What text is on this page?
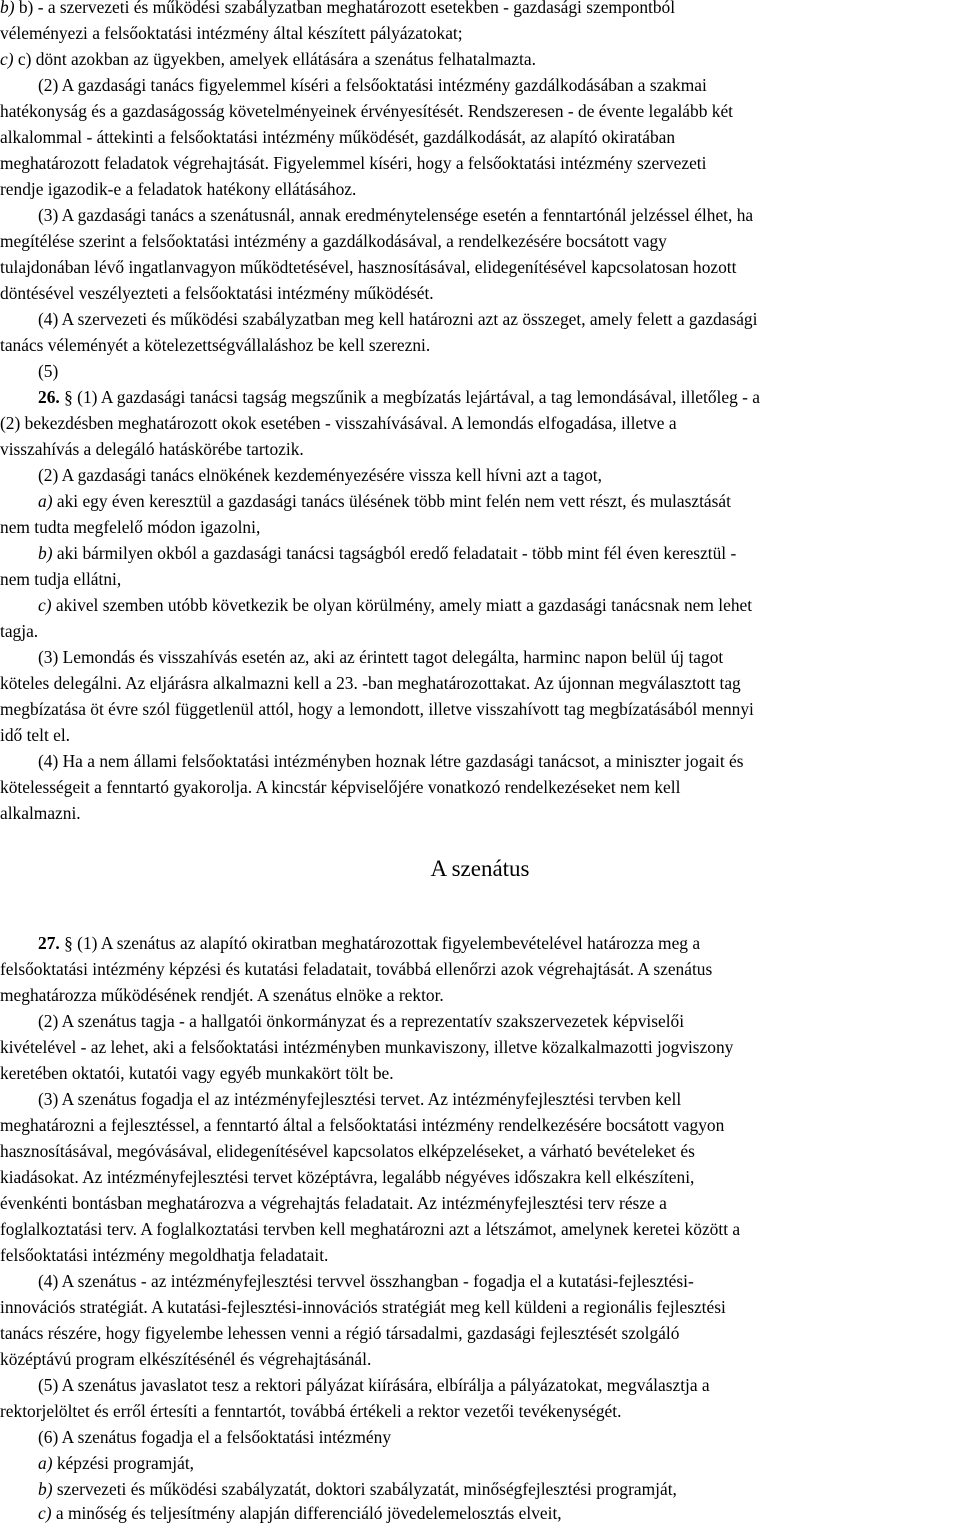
b) b) - a szervezeti és működési szabályzatban meghatározott esetekben - gazdasági szempontból
véleményezi a felsőoktatási intézmény által készített pályázatokat;
c) c) dönt azokban az ügyekben, amelyek ellátására a szenátus felhatalmazta.
(2) A gazdasági tanács figyelemmel kíséri a felsőoktatási intézmény gazdálkodásában a szakmai
hatékonyság és a gazdaságosság követelményeinek érvényesítését. Rendszeresen - de évente legalább két
alkalommal - áttekinti a felsőoktatási intézmény működését, gazdálkodását, az alapító okiratában
meghatározott feladatok végrehajtását. Figyelemmel kíséri, hogy a felsőoktatási intézmény szervezeti
rendje igazodik-e a feladatok hatékony ellátásához.
(3) A gazdasági tanács a szenátusnál, annak eredménytelensége esetén a fenntartónál jelzéssel élhet, ha
megítélése szerint a felsőoktatási intézmény a gazdálkodásával, a rendelkezésére bocsátott vagy
tulajdonában lévő ingatlanvagyon működtetésével, hasznosításával, elidegenítésével kapcsolatosan hozott
döntésével veszélyezteti a felsőoktatási intézmény működését.
(4) A szervezeti és működési szabályzatban meg kell határozni azt az összeget, amely felett a gazdasági
tanács véleményét a kötelezettségvállaláshoz be kell szerezni.
(5)
26. § (1) A gazdasági tanácsi tagság megszűnik a megbízatás lejártával, a tag lemondásával, illetőleg - a
(2) bekezdésben meghatározott okok esetében - visszahívásával. A lemondás elfogadása, illetve a
visszahívás a delegáló hatáskörébe tartozik.
(2) A gazdasági tanács elnökének kezdeményezésére vissza kell hívni azt a tagot,
a) aki egy éven keresztül a gazdasági tanács ülésének több mint felén nem vett részt, és mulasztását
nem tudta megfelelő módon igazolni,
b) aki bármilyen okból a gazdasági tanácsi tagságból eredő feladatait - több mint fél éven keresztül -
nem tudja ellátni,
c) akivel szemben utóbb következik be olyan körülmény, amely miatt a gazdasági tanácsnak nem lehet
tagja.
(3) Lemondás és visszahívás esetén az, aki az érintett tagot delegálta, harminc napon belül új tagot
köteles delegálni. Az eljárásra alkalmazni kell a 23. -ban meghatározottakat. Az újonnan megválasztott tag
megbízatása öt évre szól függetlenül attól, hogy a lemondott, illetve visszahívott tag megbízatásából mennyi
idő telt el.
(4) Ha a nem állami felsőoktatási intézményben hoznak létre gazdasági tanácsot, a miniszter jogait és
kötelességeit a fenntartó gyakorolja. A kincstár képviselőjére vonatkozó rendelkezéseket nem kell
alkalmazni.
A szenátus
27. § (1) A szenátus az alapító okiratban meghatározottak figyelembevételével határozza meg a
felsőoktatási intézmény képzési és kutatási feladatait, továbbá ellenőrzi azok végrehajtását. A szenátus
meghatározza működésének rendjét. A szenátus elnöke a rektor.
(2) A szenátus tagja - a hallgatói önkormányzat és a reprezentatív szakszervezetek képviselői
kivételével - az lehet, aki a felsőoktatási intézményben munkaviszony, illetve közalkalmazotti jogviszony
keretében oktatói, kutatói vagy egyéb munkakört tölt be.
(3) A szenátus fogadja el az intézményfejlesztési tervet. Az intézményfejlesztési tervben kell
meghatározni a fejlesztéssel, a fenntartó által a felsőoktatási intézmény rendelkezésére bocsátott vagyon
hasznosításával, megóvásával, elidegenítésével kapcsolatos elképzeléseket, a várható bevételeket és
kiadásokat. Az intézményfejlesztési tervet középtávra, legalább négyéves időszakra kell elkészíteni,
évenkénti bontásban meghatározva a végrehajtás feladatait. Az intézményfejlesztési terv része a
foglalkoztatási terv. A foglalkoztatási tervben kell meghatározni azt a létszámot, amelynek keretei között a
felsőoktatási intézmény megoldhatja feladatait.
(4) A szenátus - az intézményfejlesztési tervvel összhangban - fogadja el a kutatási-fejlesztési-
innovációs stratégiát. A kutatási-fejlesztési-innovációs stratégiát meg kell küldeni a regionális fejlesztési
tanács részére, hogy figyelembe lehessen venni a régió társadalmi, gazdasági fejlesztését szolgáló
középtávú program elkészítésénél és végrehajtásánál.
(5) A szenátus javaslatot tesz a rektori pályázat kiírására, elbírálja a pályázatokat, megválasztja a
rektorjelöltet és erről értesíti a fenntartót, továbbá értékeli a rektor vezetői tevékenységét.
(6) A szenátus fogadja el a felsőoktatási intézmény
a) képzési programját,
b) szervezeti és működési szabályzatát, doktori szabályzatát, minőségfejlesztési programját,
c) a minőség és teljesítmény alapján differenciáló jövedelemelosztás elveit,
